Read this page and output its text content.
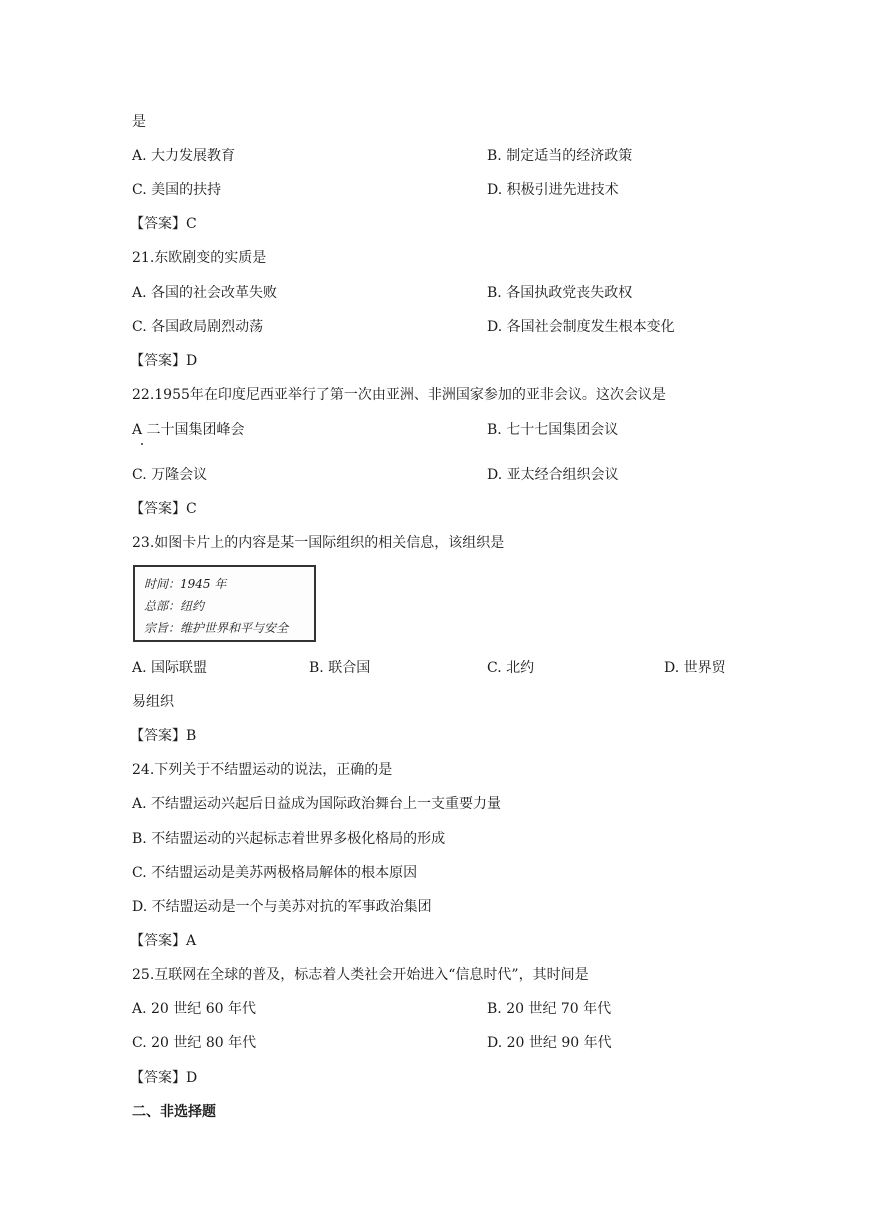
是
A. 大力发展教育	B. 制定适当的经济政策
C. 美国的扶持	D. 积极引进先进技术
【答案】C
21.东欧剧变的实质是
A. 各国的社会改革失败	B. 各国执政党丧失政权
C. 各国政局剧烈动荡	D. 各国社会制度发生根本变化
【答案】D
22.1955年在印度尼西亚举行了第一次由亚洲、非洲国家参加的亚非会议。这次会议是
A 二十国集团峰会	B. 七十七国集团会议
C. 万隆会议	D. 亚太经合组织会议
【答案】C
23.如图卡片上的内容是某一国际组织的相关信息，该组织是
时间：1945 年
总部：纽约
宗旨：维护世界和平与安全
A. 国际联盟	B. 联合国	C. 北约	D. 世界贸
易组织
【答案】B
24.下列关于不结盟运动的说法，正确的是
A. 不结盟运动兴起后日益成为国际政治舞台上一支重要力量
B. 不结盟运动的兴起标志着世界多极化格局的形成
C. 不结盟运动是美苏两极格局解体的根本原因
D. 不结盟运动是一个与美苏对抗的军事政治集团
【答案】A
25.互联网在全球的普及，标志着人类社会开始进入“信息时代”，其时间是
A. 20 世纪 60 年代	B. 20 世纪 70 年代
C. 20 世纪 80 年代	D. 20 世纪 90 年代
【答案】D
二、非选择题
